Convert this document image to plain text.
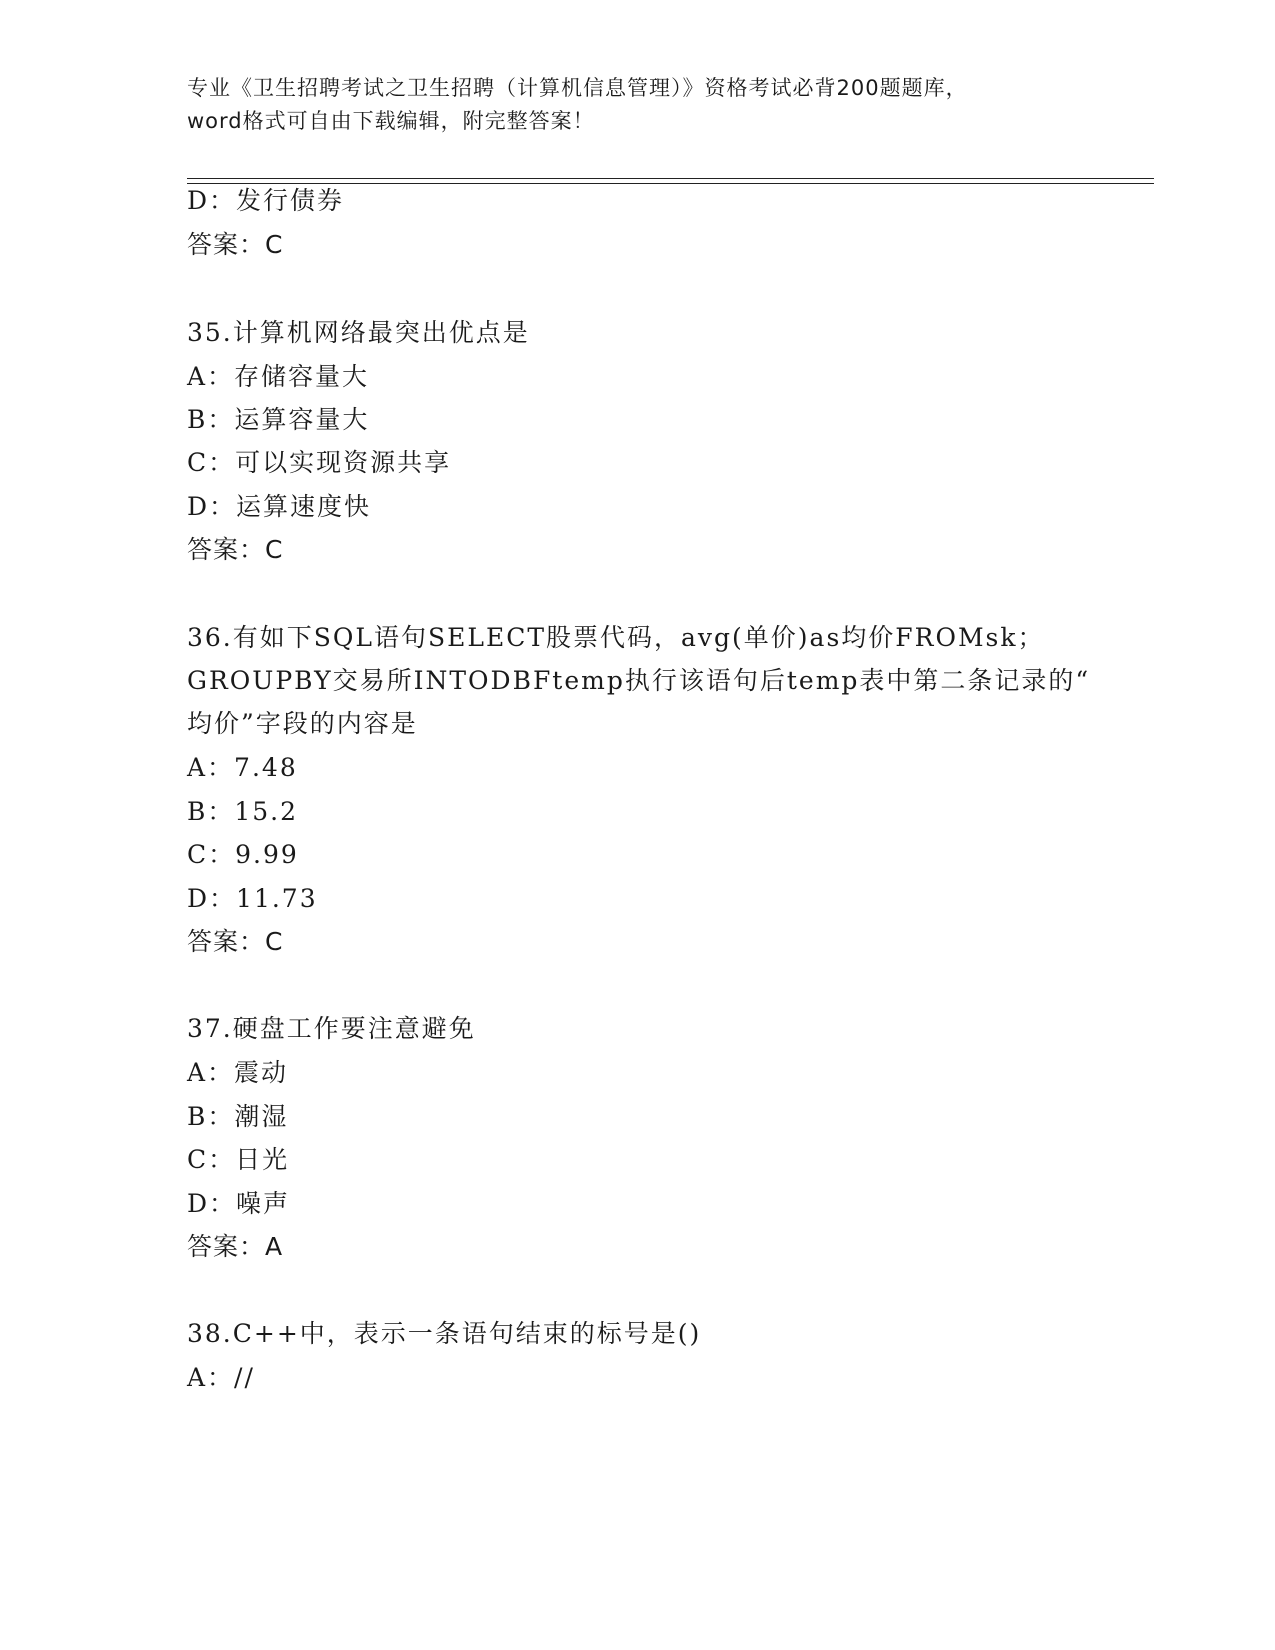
专业《卫生招聘考试之卫生招聘（计算机信息管理）》资格考试必背200题题库，
word格式可自由下载编辑，附完整答案！
D：发行债券
答案：C
35.计算机网络最突出优点是
A：存储容量大
B：运算容量大
C：可以实现资源共享
D：运算速度快
答案：C
36.有如下SQL语句SELECT股票代码，avg(单价)as均价FROMsk；
GROUPBY交易所INTODBFtemp执行该语句后temp表中第二条记录的“
均价”字段的内容是
A：7.48
B：15.2
C：9.99
D：11.73
答案：C
37.硬盘工作要注意避免
A：震动
B：潮湿
C：日光
D：噪声
答案：A
38.C++中，表示一条语句结束的标号是()
A：//
